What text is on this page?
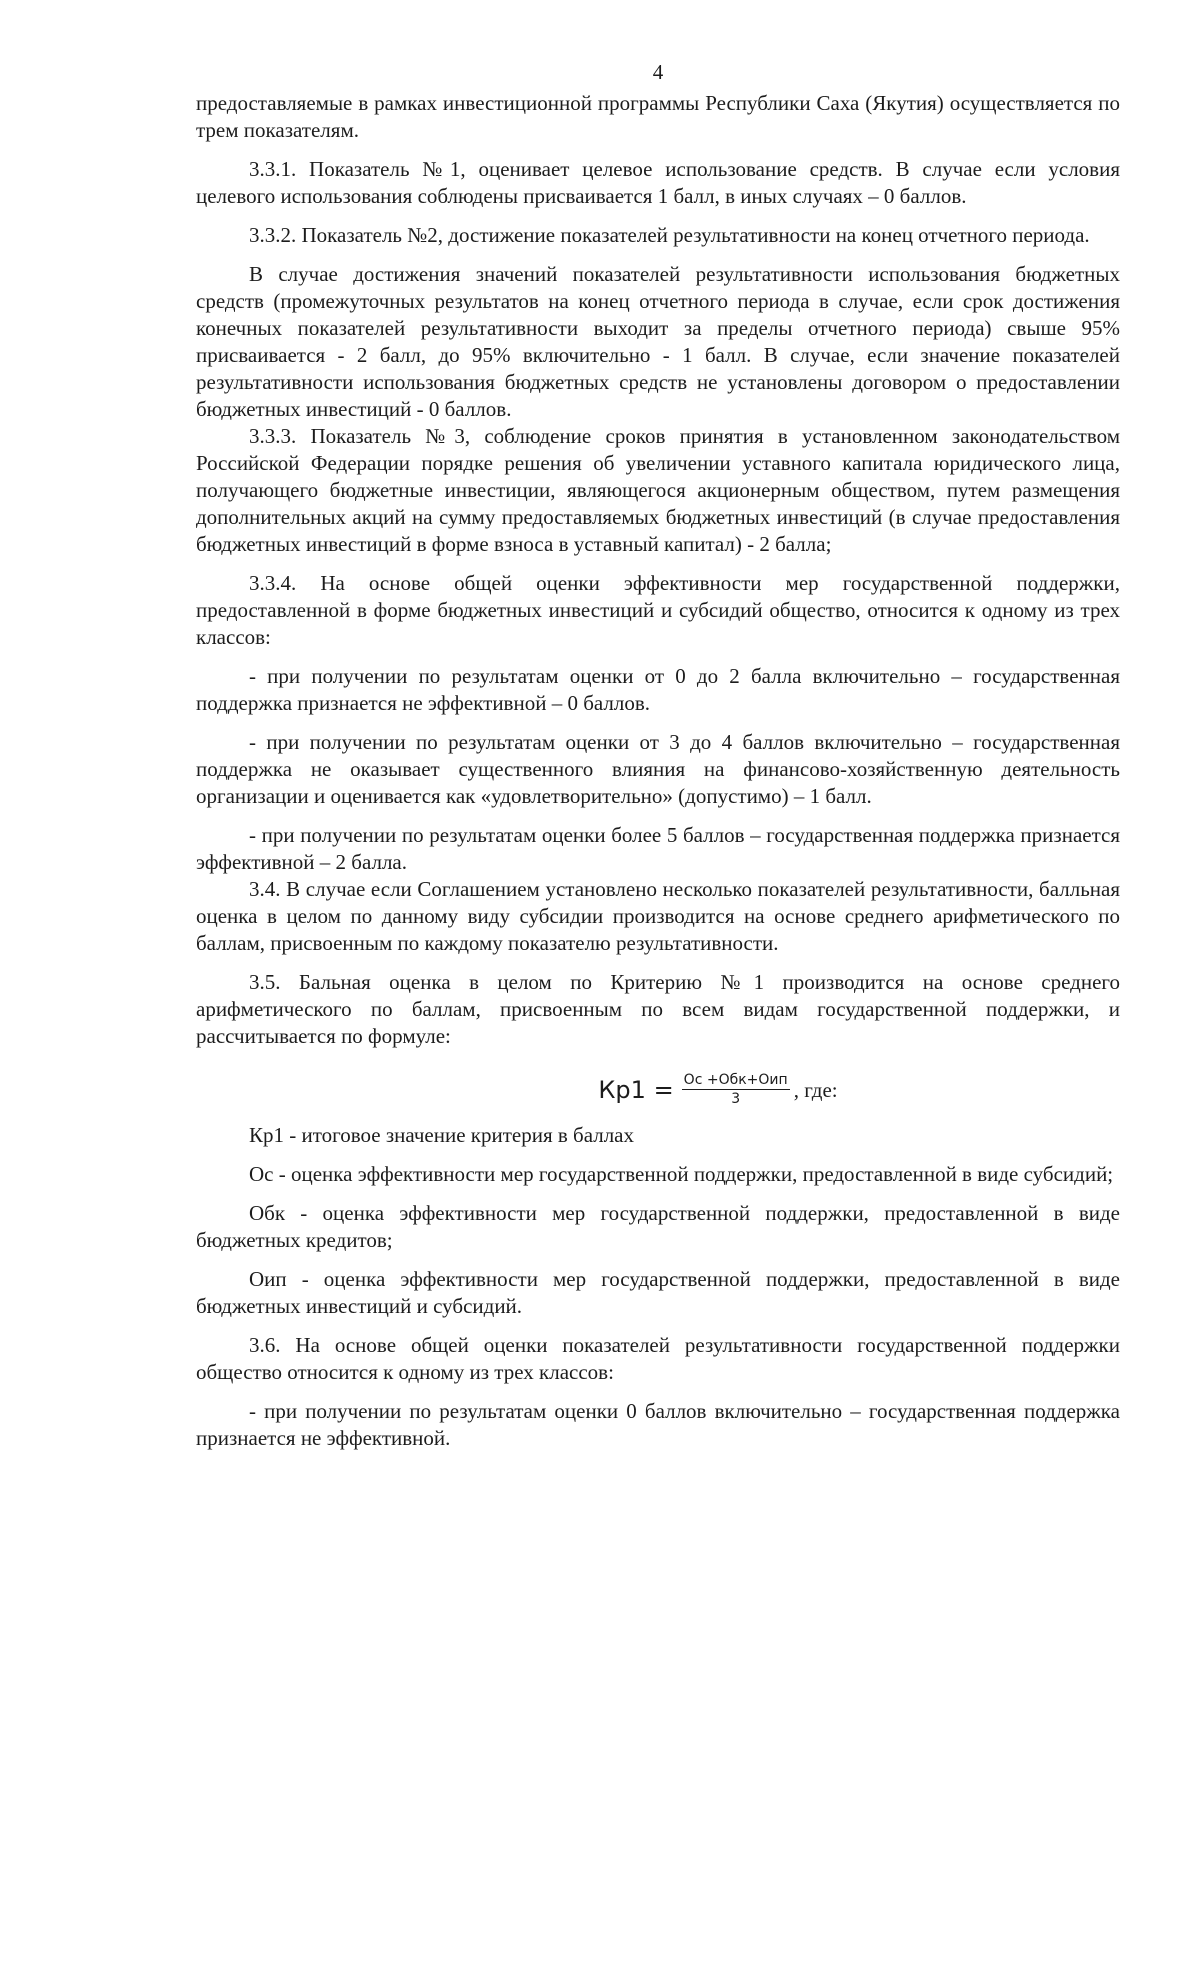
4

предоставляемые в рамках инвестиционной программы Республики Саха (Якутия) осуществляется по трем показателям.

3.3.1. Показатель №1, оценивает целевое использование средств. В случае если условия целевого использования соблюдены присваивается 1 балл, в иных случаях – 0 баллов.

3.3.2. Показатель №2, достижение показателей результативности на конец отчетного периода.

В случае достижения значений показателей результативности использования бюджетных средств (промежуточных результатов на конец отчетного периода в случае, если срок достижения конечных показателей результативности выходит за пределы отчетного периода) свыше 95% присваивается - 2 балл, до 95% включительно - 1 балл. В случае, если значение показателей результативности использования бюджетных средств не установлены договором о предоставлении бюджетных инвестиций - 0 баллов.

3.3.3. Показатель №3, соблюдение сроков принятия в установленном законодательством Российской Федерации порядке решения об увеличении уставного капитала юридического лица, получающего бюджетные инвестиции, являющегося акционерным обществом, путем размещения дополнительных акций на сумму предоставляемых бюджетных инвестиций (в случае предоставления бюджетных инвестиций в форме взноса в уставный капитал) - 2 балла;

3.3.4. На основе общей оценки эффективности мер государственной поддержки, предоставленной в форме бюджетных инвестиций и субсидий общество, относится к одному из трех классов:

- при получении по результатам оценки от 0 до 2 балла включительно – государственная поддержка признается не эффективной – 0 баллов.

- при получении по результатам оценки от 3 до 4 баллов включительно – государственная поддержка не оказывает существенного влияния на финансово-хозяйственную деятельность организации и оценивается как «удовлетворительно» (допустимо) – 1 балл.

- при получении по результатам оценки более 5 баллов – государственная поддержка признается эффективной – 2 балла.

3.4. В случае если Соглашением установлено несколько показателей результативности, балльная оценка в целом по данному виду субсидии производится на основе среднего арифметического по баллам, присвоенным по каждому показателю результативности.

3.5. Бальная оценка в целом по Критерию №1 производится на основе среднего арифметического по баллам, присвоенным по всем видам государственной поддержки, и рассчитывается по формуле:

$Кр1 = \frac{\text{Ос +Обк+Оип}}{3}$ , где:

Кр1 - итоговое значение критерия в баллах

Ос - оценка эффективности мер государственной поддержки, предоставленной в виде субсидий;

Обк - оценка эффективности мер государственной поддержки, предоставленной в виде бюджетных кредитов;

Оип - оценка эффективности мер государственной поддержки, предоставленной в виде бюджетных инвестиций и субсидий.

3.6. На основе общей оценки показателей результативности государственной поддержки общество относится к одному из трех классов:

- при получении по результатам оценки 0 баллов включительно – государственная поддержка признается не эффективной.
